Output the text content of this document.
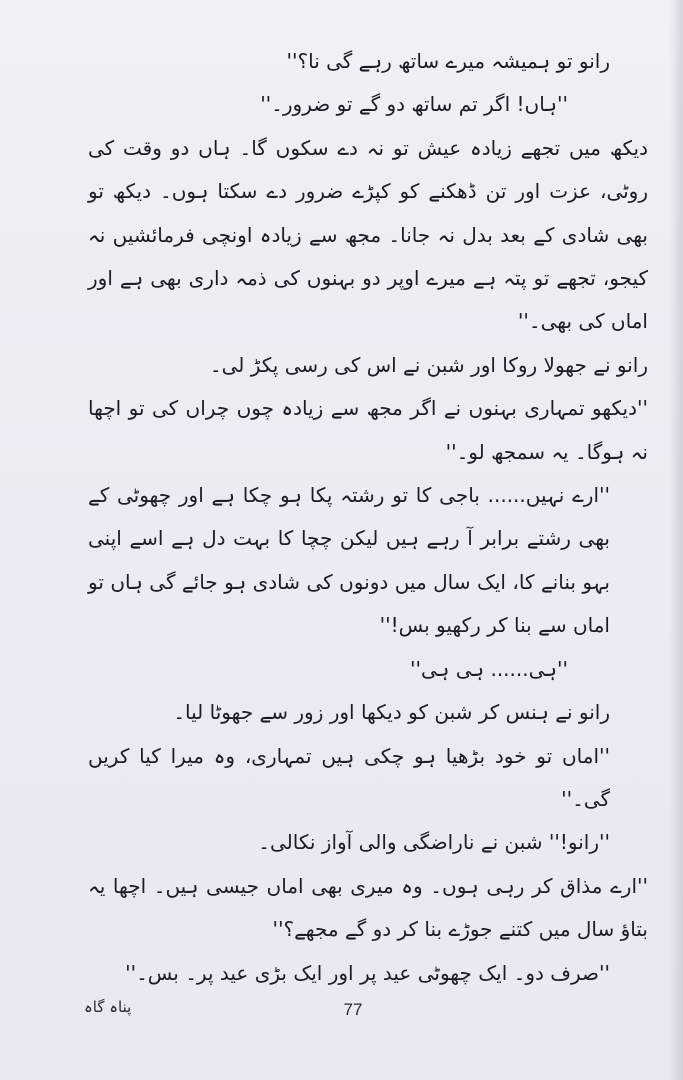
رانو تو ہمیشہ میرے ساتھ رہے گی نا؟''

''ہاں! اگر تم ساتھ دو گے تو ضرور۔''

دیکھ میں تجھے زیادہ عیش تو نہ دے سکوں گا۔ ہاں دو وقت کی روٹی، عزت اور تن ڈھکنے کو کپڑے ضرور دے سکتا ہوں۔ دیکھ تو بھی شادی کے بعد بدل نہ جانا۔ مجھ سے زیادہ اونچی فرمائشیں نہ کیجو، تجھے تو پتہ ہے میرے اوپر دو بہنوں کی ذمہ داری بھی ہے اور اماں کی بھی۔''

رانو نے جھولا روکا اور شبن نے اس کی رسی پکڑ لی۔

''دیکھو تمہاری بہنوں نے اگر مجھ سے زیادہ چوں چراں کی تو اچھا نہ ہوگا۔ یہ سمجھ لو۔''

''ارے نہیں...... باجی کا تو رشتہ پکا ہو چکا ہے اور چھوٹی کے بھی رشتے برابر آ رہے ہیں لیکن چچا کا بہت دل ہے اسے اپنی بہو بنانے کا، ایک سال میں دونوں کی شادی ہو جائے گی ہاں تو اماں سے بنا کر رکھیو بس!''

''ہی...... ہی ہی''

رانو نے ہنس کر شبن کو دیکھا اور زور سے جھوٹا لیا۔

''اماں تو خود بڑھیا ہو چکی ہیں تمہاری، وہ میرا کیا کریں گی۔''

''رانو!'' شبن نے ناراضگی والی آواز نکالی۔

''ارے مذاق کر رہی ہوں۔ وہ میری بھی اماں جیسی ہیں۔ اچھا یہ بتاؤ سال میں کتنے جوڑے بنا کر دو گے مجھے؟''

''صرف دو۔ ایک چھوٹی عید پر اور ایک بڑی عید پر۔ بس۔''

77
پناہ گاہ
